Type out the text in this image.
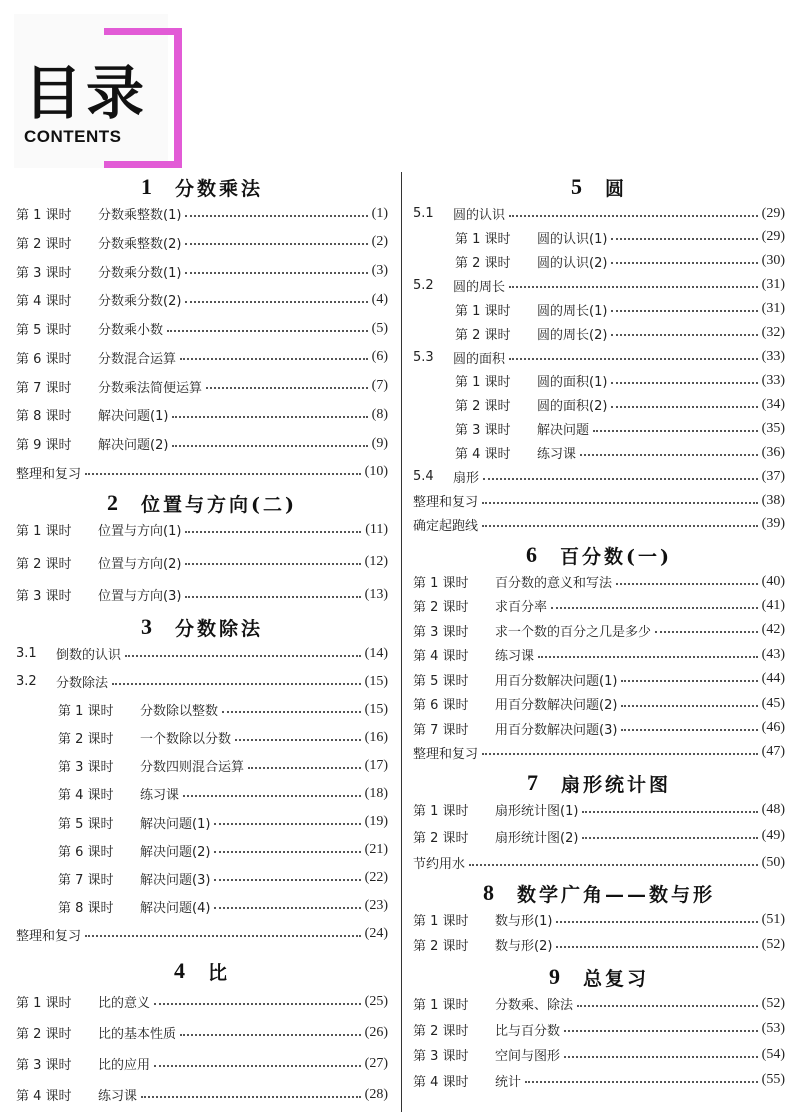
目录
CONTENTS
1 分数乘法
第 1 课时	分数乘整数(1)	(1)
第 2 课时	分数乘整数(2)	(2)
第 3 课时	分数乘分数(1)	(3)
第 4 课时	分数乘分数(2)	(4)
第 5 课时	分数乘小数	(5)
第 6 课时	分数混合运算	(6)
第 7 课时	分数乘法简便运算	(7)
第 8 课时	解决问题(1)	(8)
第 9 课时	解决问题(2)	(9)
整理和复习	(10)
2 位置与方向(二)
第 1 课时	位置与方向(1)	(11)
第 2 课时	位置与方向(2)	(12)
第 3 课时	位置与方向(3)	(13)
3 分数除法
3.1	倒数的认识	(14)
3.2	分数除法	(15)
第 1 课时	分数除以整数	(15)
第 2 课时	一个数除以分数	(16)
第 3 课时	分数四则混合运算	(17)
第 4 课时	练习课	(18)
第 5 课时	解决问题(1)	(19)
第 6 课时	解决问题(2)	(21)
第 7 课时	解决问题(3)	(22)
第 8 课时	解决问题(4)	(23)
整理和复习	(24)
4 比
第 1 课时	比的意义	(25)
第 2 课时	比的基本性质	(26)
第 3 课时	比的应用	(27)
第 4 课时	练习课	(28)
5 圆
5.1	圆的认识	(29)
第 1 课时	圆的认识(1)	(29)
第 2 课时	圆的认识(2)	(30)
5.2	圆的周长	(31)
第 1 课时	圆的周长(1)	(31)
第 2 课时	圆的周长(2)	(32)
5.3	圆的面积	(33)
第 1 课时	圆的面积(1)	(33)
第 2 课时	圆的面积(2)	(34)
第 3 课时	解决问题	(35)
第 4 课时	练习课	(36)
5.4	扇形	(37)
整理和复习	(38)
确定起跑线	(39)
6 百分数(一)
第 1 课时	百分数的意义和写法	(40)
第 2 课时	求百分率	(41)
第 3 课时	求一个数的百分之几是多少	(42)
第 4 课时	练习课	(43)
第 5 课时	用百分数解决问题(1)	(44)
第 6 课时	用百分数解决问题(2)	(45)
第 7 课时	用百分数解决问题(3)	(46)
整理和复习	(47)
7 扇形统计图
第 1 课时	扇形统计图(1)	(48)
第 2 课时	扇形统计图(2)	(49)
节约用水	(50)
8 数学广角——数与形
第 1 课时	数与形(1)	(51)
第 2 课时	数与形(2)	(52)
9 总复习
第 1 课时	分数乘、除法	(52)
第 2 课时	比与百分数	(53)
第 3 课时	空间与图形	(54)
第 4 课时	统计	(55)
